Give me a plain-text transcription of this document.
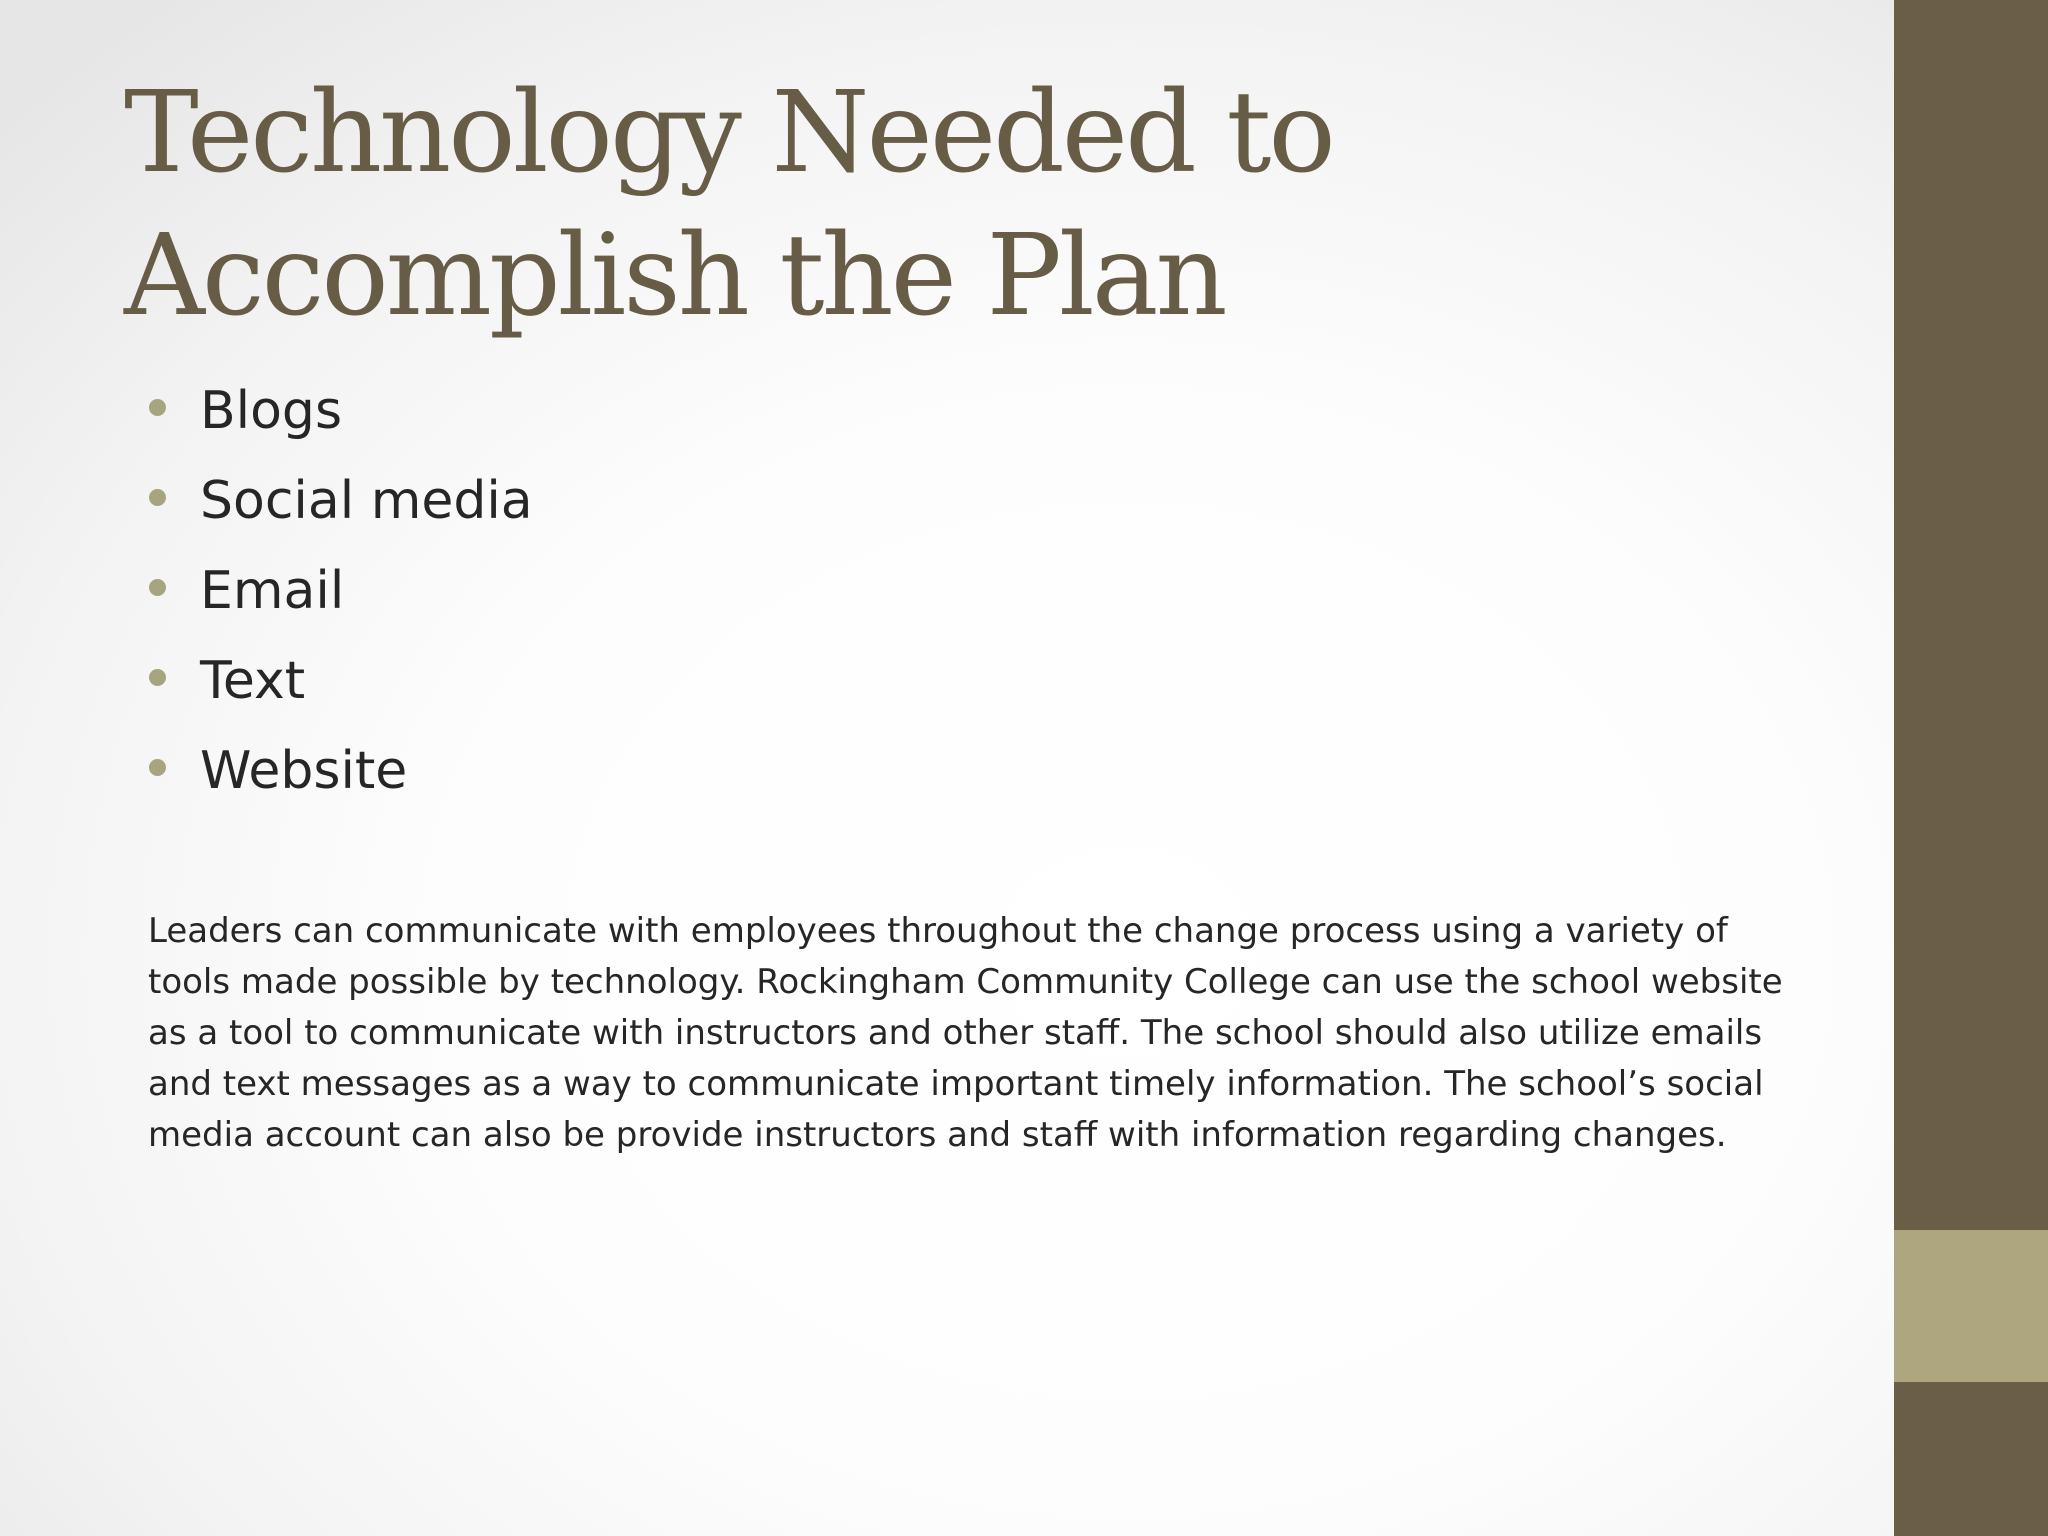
Technology Needed to Accomplish the Plan
Blogs
Social media
Email
Text
Website

Leaders can communicate with employees throughout the change process using a variety of tools made possible by technology. Rockingham Community College can use the school website as a tool to communicate with instructors and other staff. The school should also utilize emails and text messages as a way to communicate important timely information. The school’s social media account can also be provide instructors and staff with information regarding changes.
